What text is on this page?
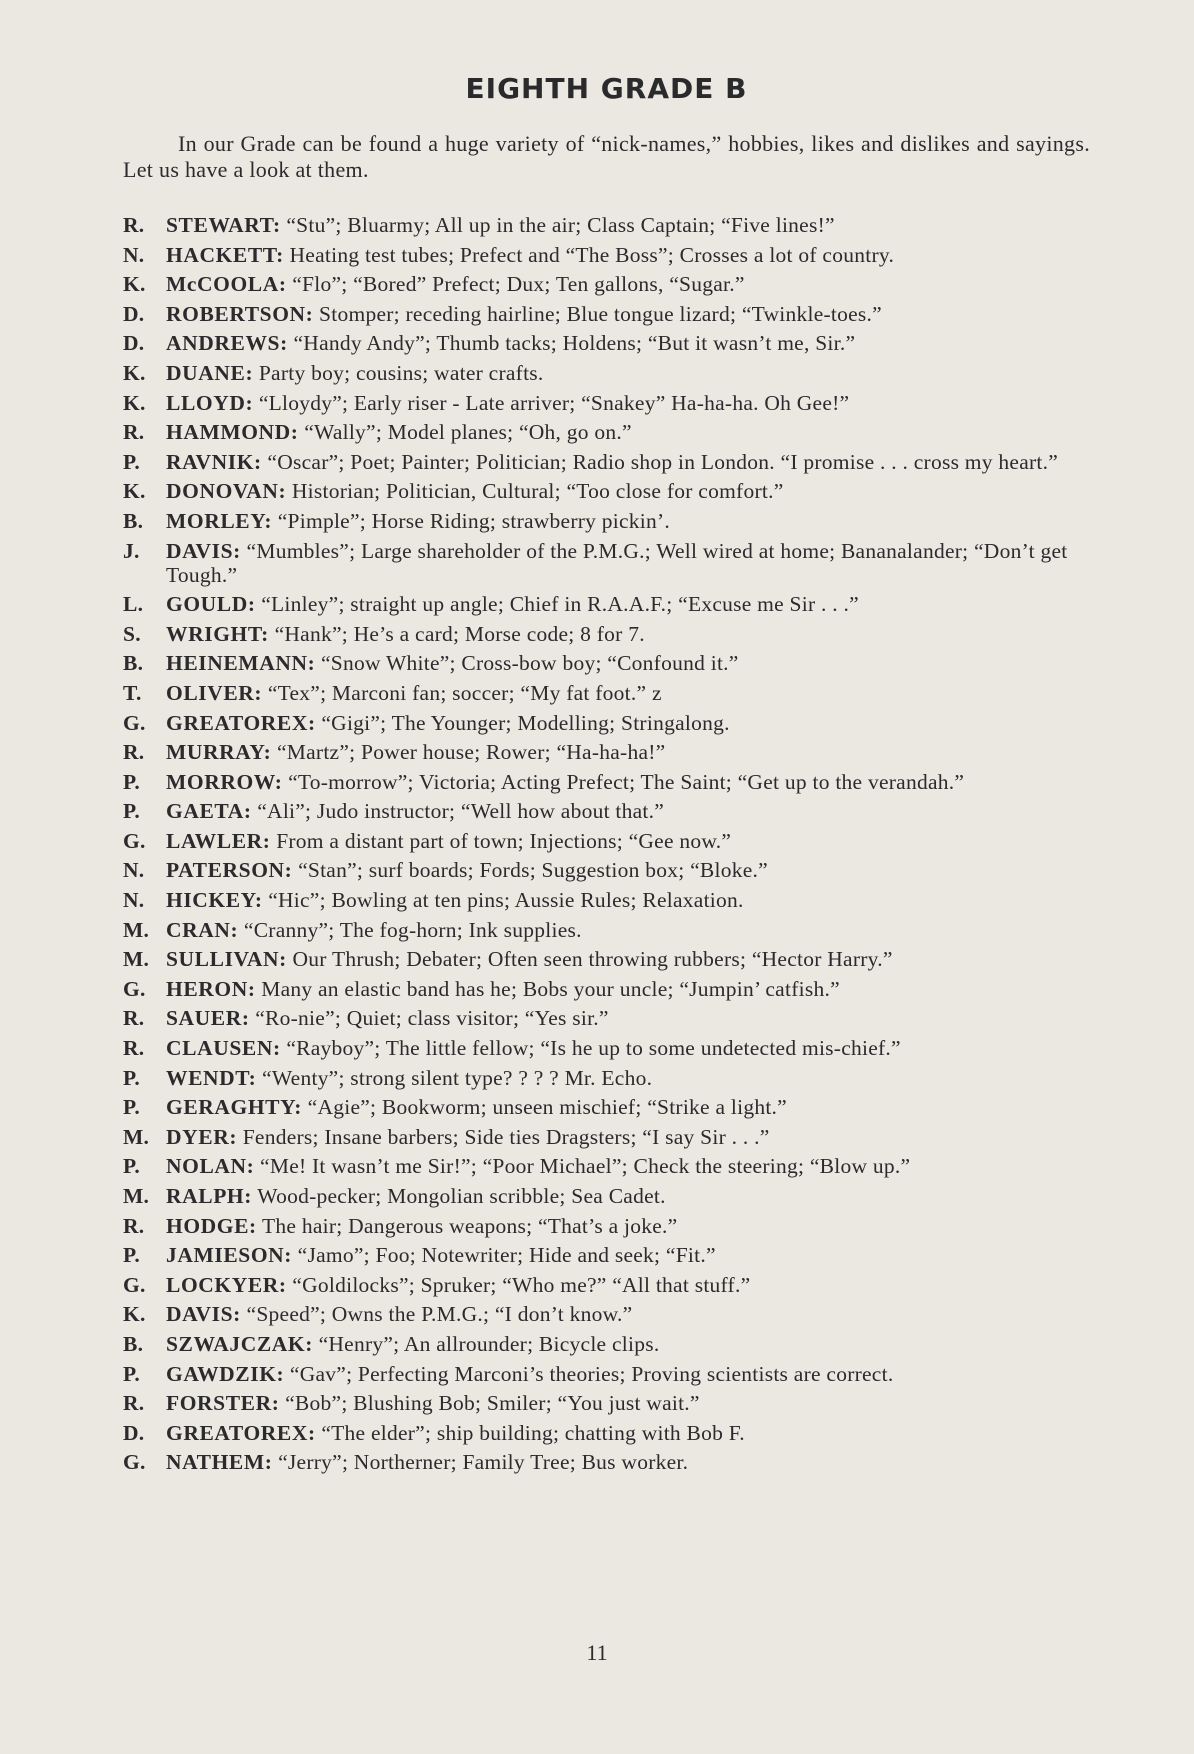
EIGHTH GRADE B

In our Grade can be found a huge variety of “nick-names,” hobbies, likes and dislikes and sayings. Let us have a look at them.

R. STEWART: “Stu”; Bluarmy; All up in the air; Class Captain; “Five lines!”
N. HACKETT: Heating test tubes; Prefect and “The Boss”; Crosses a lot of country.
K. McCOOLA: “Flo”; “Bored” Prefect; Dux; Ten gallons, “Sugar.”
D. ROBERTSON: Stomper; receding hairline; Blue tongue lizard; “Twinkle-toes.”
D. ANDREWS: “Handy Andy”; Thumb tacks; Holdens; “But it wasn’t me, Sir.”
K. DUANE: Party boy; cousins; water crafts.
K. LLOYD: “Lloydy”; Early riser - Late arriver; “Snakey” Ha-ha-ha. Oh Gee!”
R. HAMMOND: “Wally”; Model planes; “Oh, go on.”
P. RAVNIK: “Oscar”; Poet; Painter; Politician; Radio shop in London. “I promise . . . cross my heart.”
K. DONOVAN: Historian; Politician, Cultural; “Too close for comfort.”
B. MORLEY: “Pimple”; Horse Riding; strawberry pickin’.
J. DAVIS: “Mumbles”; Large shareholder of the P.M.G.; Well wired at home; Bananalander; “Don’t get Tough.”
L. GOULD: “Linley”; straight up angle; Chief in R.A.A.F.; “Excuse me Sir . . .”
S. WRIGHT: “Hank”; He’s a card; Morse code; 8 for 7.
B. HEINEMANN: “Snow White”; Cross-bow boy; “Confound it.”
T. OLIVER: “Tex”; Marconi fan; soccer; “My fat foot.” z
G. GREATOREX: “Gigi”; The Younger; Modelling; Stringalong.
R. MURRAY: “Martz”; Power house; Rower; “Ha-ha-ha!”
P. MORROW: “To-morrow”; Victoria; Acting Prefect; The Saint; “Get up to the verandah.”
P. GAETA: “Ali”; Judo instructor; “Well how about that.”
G. LAWLER: From a distant part of town; Injections; “Gee now.”
N. PATERSON: “Stan”; surf boards; Fords; Suggestion box; “Bloke.”
N. HICKEY: “Hic”; Bowling at ten pins; Aussie Rules; Relaxation.
M. CRAN: “Cranny”; The fog-horn; Ink supplies.
M. SULLIVAN: Our Thrush; Debater; Often seen throwing rubbers; “Hector Harry.”
G. HERON: Many an elastic band has he; Bobs your uncle; “Jumpin’ catfish.”
R. SAUER: “Ro-nie”; Quiet; class visitor; “Yes sir.”
R. CLAUSEN: “Rayboy”; The little fellow; “Is he up to some undetected mis-chief.”
P. WENDT: “Wenty”; strong silent type? ? ? ? Mr. Echo.
P. GERAGHTY: “Agie”; Bookworm; unseen mischief; “Strike a light.”
M. DYER: Fenders; Insane barbers; Side ties Dragsters; “I say Sir . . .”
P. NOLAN: “Me! It wasn’t me Sir!”; “Poor Michael”; Check the steering; “Blow up.”
M. RALPH: Wood-pecker; Mongolian scribble; Sea Cadet.
R. HODGE: The hair; Dangerous weapons; “That’s a joke.”
P. JAMIESON: “Jamo”; Foo; Notewriter; Hide and seek; “Fit.”
G. LOCKYER: “Goldilocks”; Spruker; “Who me?” “All that stuff.”
K. DAVIS: “Speed”; Owns the P.M.G.; “I don’t know.”
B. SZWAJCZAK: “Henry”; An allrounder; Bicycle clips.
P. GAWDZIK: “Gav”; Perfecting Marconi’s theories; Proving scientists are correct.
R. FORSTER: “Bob”; Blushing Bob; Smiler; “You just wait.”
D. GREATOREX: “The elder”; ship building; chatting with Bob F.
G. NATHEM: “Jerry”; Northerner; Family Tree; Bus worker.
11
